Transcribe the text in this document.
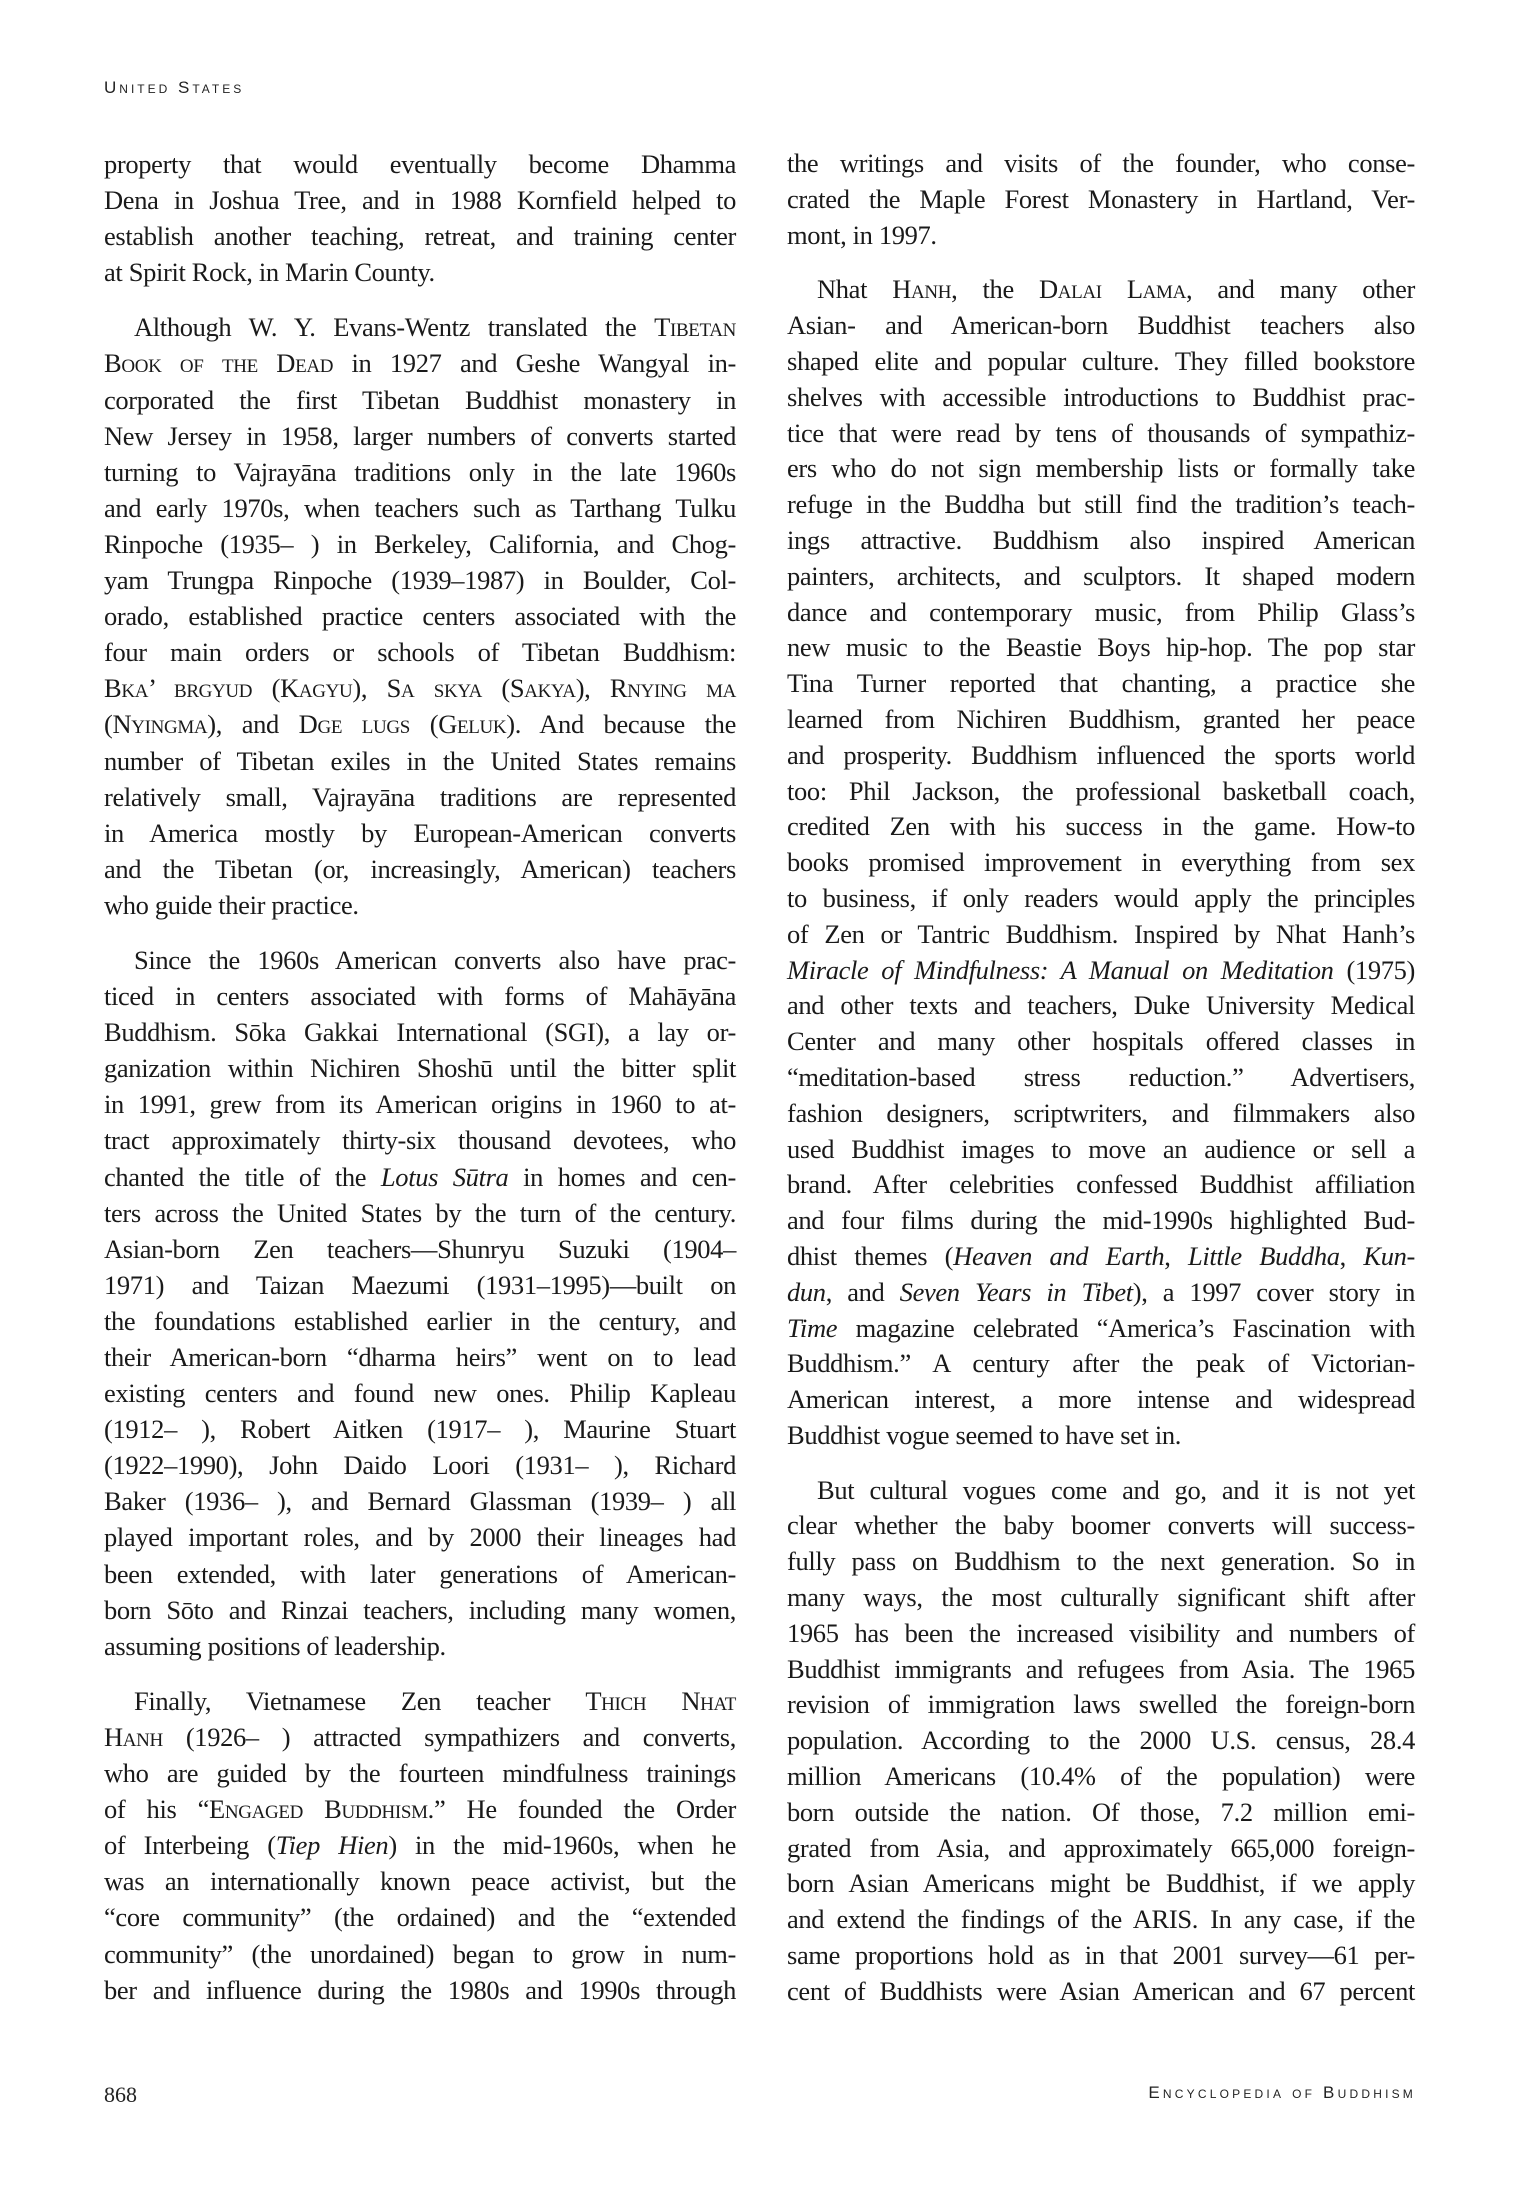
United States
property that would eventually become Dhamma
Dena in Joshua Tree, and in 1988 Kornfield helped to
establish another teaching, retreat, and training center
at Spirit Rock, in Marin County.
Although W. Y. Evans-Wentz translated the Tibetan
Book of the Dead in 1927 and Geshe Wangyal in-
corporated the first Tibetan Buddhist monastery in
New Jersey in 1958, larger numbers of converts started
turning to Vajrayāna traditions only in the late 1960s
and early 1970s, when teachers such as Tarthang Tulku
Rinpoche (1935– ) in Berkeley, California, and Chog-
yam Trungpa Rinpoche (1939–1987) in Boulder, Col-
orado, established practice centers associated with the
four main orders or schools of Tibetan Buddhism:
Bka’ brgyud (Kagyu), Sa skya (Sakya), Rnying ma
(Nyingma), and Dge lugs (Geluk). And because the
number of Tibetan exiles in the United States remains
relatively small, Vajrayāna traditions are represented
in America mostly by European-American converts
and the Tibetan (or, increasingly, American) teachers
who guide their practice.
Since the 1960s American converts also have prac-
ticed in centers associated with forms of Mahāyāna
Buddhism. Sōka Gakkai International (SGI), a lay or-
ganization within Nichiren Shoshū until the bitter split
in 1991, grew from its American origins in 1960 to at-
tract approximately thirty-six thousand devotees, who
chanted the title of the Lotus Sūtra in homes and cen-
ters across the United States by the turn of the century.
Asian-born Zen teachers—Shunryu Suzuki (1904–
1971) and Taizan Maezumi (1931–1995)—built on
the foundations established earlier in the century, and
their American-born “dharma heirs” went on to lead
existing centers and found new ones. Philip Kapleau
(1912– ), Robert Aitken (1917– ), Maurine Stuart
(1922–1990), John Daido Loori (1931– ), Richard
Baker (1936– ), and Bernard Glassman (1939– ) all
played important roles, and by 2000 their lineages had
been extended, with later generations of American-
born Sōto and Rinzai teachers, including many women,
assuming positions of leadership.
Finally, Vietnamese Zen teacher Thich Nhat
Hanh (1926– ) attracted sympathizers and converts,
who are guided by the fourteen mindfulness trainings
of his “Engaged Buddhism.” He founded the Order
of Interbeing (Tiep Hien) in the mid-1960s, when he
was an internationally known peace activist, but the
“core community” (the ordained) and the “extended
community” (the unordained) began to grow in num-
ber and influence during the 1980s and 1990s through
the writings and visits of the founder, who conse-
crated the Maple Forest Monastery in Hartland, Ver-
mont, in 1997.
Nhat Hanh, the Dalai Lama, and many other
Asian- and American-born Buddhist teachers also
shaped elite and popular culture. They filled bookstore
shelves with accessible introductions to Buddhist prac-
tice that were read by tens of thousands of sympathiz-
ers who do not sign membership lists or formally take
refuge in the Buddha but still find the tradition’s teach-
ings attractive. Buddhism also inspired American
painters, architects, and sculptors. It shaped modern
dance and contemporary music, from Philip Glass’s
new music to the Beastie Boys hip-hop. The pop star
Tina Turner reported that chanting, a practice she
learned from Nichiren Buddhism, granted her peace
and prosperity. Buddhism influenced the sports world
too: Phil Jackson, the professional basketball coach,
credited Zen with his success in the game. How-to
books promised improvement in everything from sex
to business, if only readers would apply the principles
of Zen or Tantric Buddhism. Inspired by Nhat Hanh’s
Miracle of Mindfulness: A Manual on Meditation (1975)
and other texts and teachers, Duke University Medical
Center and many other hospitals offered classes in
“meditation-based stress reduction.” Advertisers,
fashion designers, scriptwriters, and filmmakers also
used Buddhist images to move an audience or sell a
brand. After celebrities confessed Buddhist affiliation
and four films during the mid-1990s highlighted Bud-
dhist themes (Heaven and Earth, Little Buddha, Kun-
dun, and Seven Years in Tibet), a 1997 cover story in
Time magazine celebrated “America’s Fascination with
Buddhism.” A century after the peak of Victorian-
American interest, a more intense and widespread
Buddhist vogue seemed to have set in.
But cultural vogues come and go, and it is not yet
clear whether the baby boomer converts will success-
fully pass on Buddhism to the next generation. So in
many ways, the most culturally significant shift after
1965 has been the increased visibility and numbers of
Buddhist immigrants and refugees from Asia. The 1965
revision of immigration laws swelled the foreign-born
population. According to the 2000 U.S. census, 28.4
million Americans (10.4% of the population) were
born outside the nation. Of those, 7.2 million emi-
grated from Asia, and approximately 665,000 foreign-
born Asian Americans might be Buddhist, if we apply
and extend the findings of the ARIS. In any case, if the
same proportions hold as in that 2001 survey—61 per-
cent of Buddhists were Asian American and 67 percent
868	Encyclopedia of Buddhism
